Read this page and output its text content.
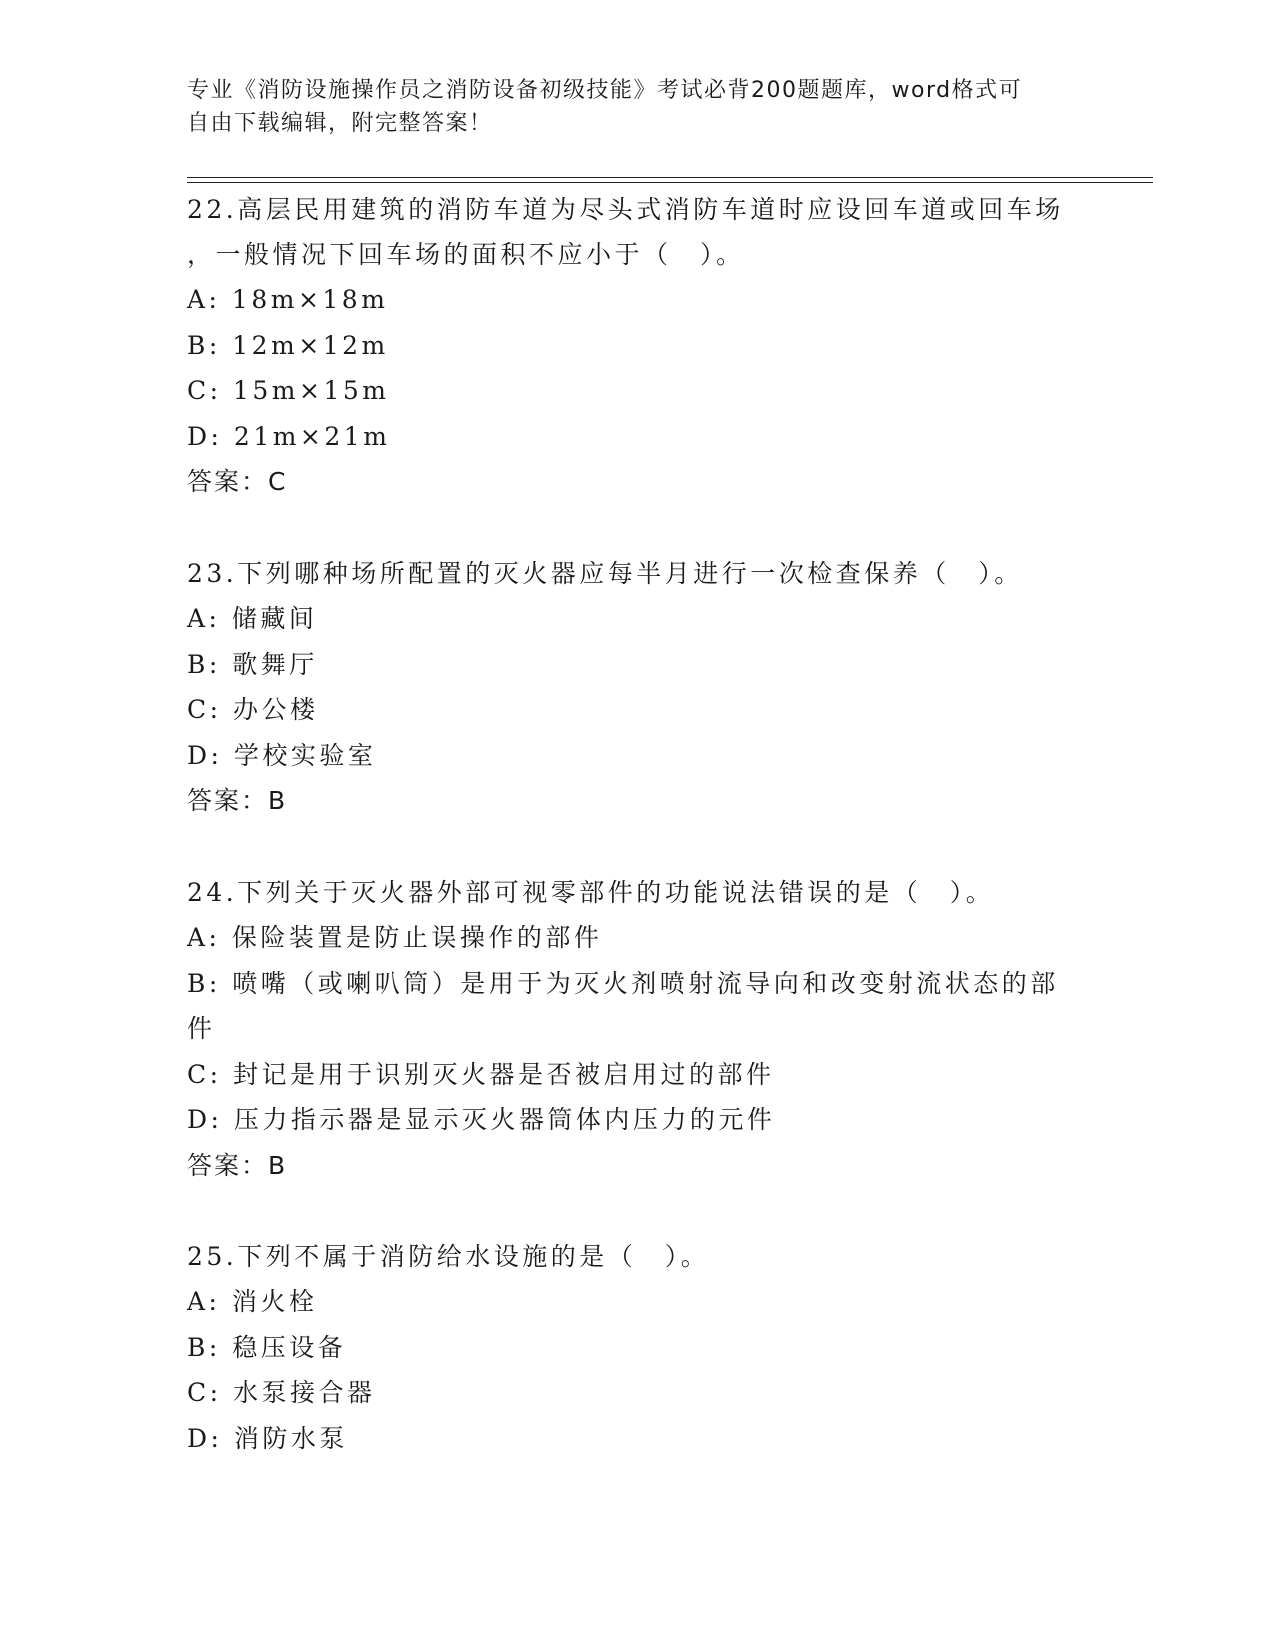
专业《消防设施操作员之消防设备初级技能》考试必背200题题库，word格式可
自由下载编辑，附完整答案！

22.高层民用建筑的消防车道为尽头式消防车道时应设回车道或回车场

，一般情况下回车场的面积不应小于（　）。

A: 18m×18m

B: 12m×12m

C: 15m×15m

D: 21m×21m

答案：C

23.下列哪种场所配置的灭火器应每半月进行一次检查保养（　）。

A: 储藏间

B: 歌舞厅

C: 办公楼

D: 学校实验室

答案：B

24.下列关于灭火器外部可视零部件的功能说法错误的是（　）。

A: 保险装置是防止误操作的部件

B: 喷嘴（或喇叭筒）是用于为灭火剂喷射流导向和改变射流状态的部

件

C: 封记是用于识别灭火器是否被启用过的部件

D: 压力指示器是显示灭火器筒体内压力的元件

答案：B

25.下列不属于消防给水设施的是（　）。

A: 消火栓

B: 稳压设备

C: 水泵接合器

D: 消防水泵
